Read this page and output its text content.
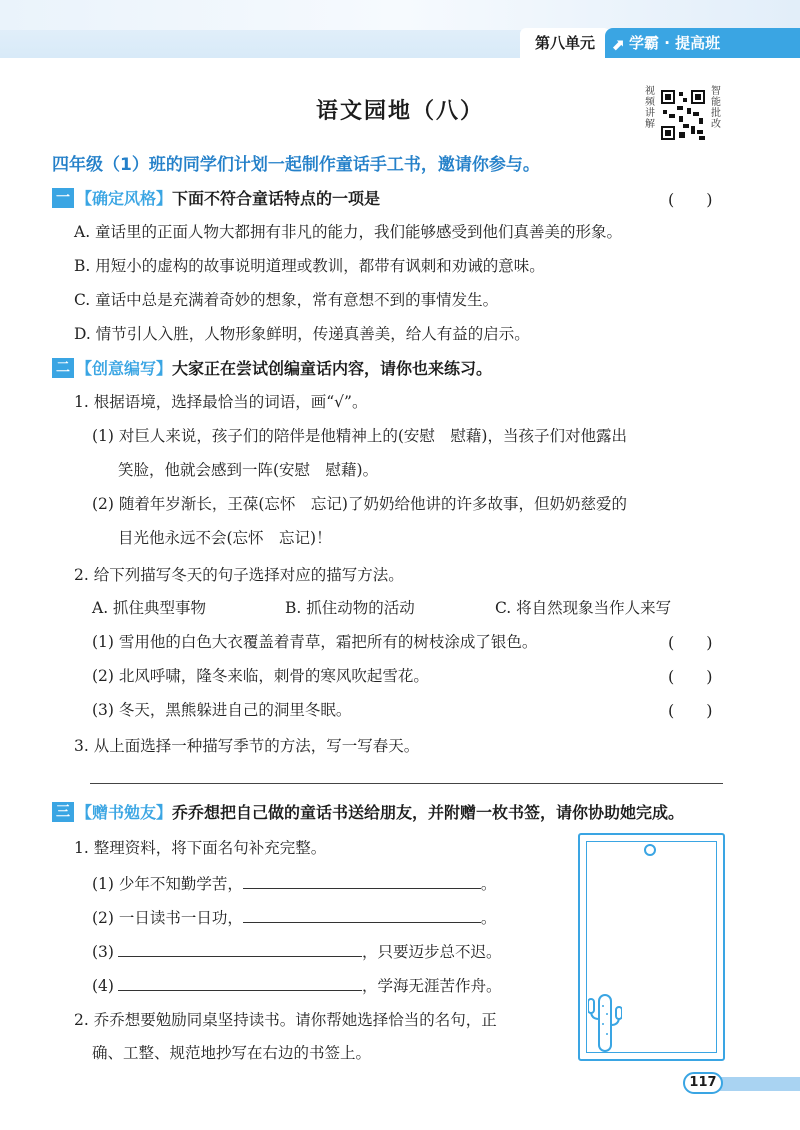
第八单元	⬈ 学霸 · 提高班
语文园地（八）
视频讲解
智能批改
四年级（1）班的同学们计划一起制作童话手工书，邀请你参与。
一 【确定风格】 下面不符合童话特点的一项是	(　　)
A. 童话里的正面人物大都拥有非凡的能力，我们能够感受到他们真善美的形象。
B. 用短小的虚构的故事说明道理或教训，都带有讽刺和劝诫的意味。
C. 童话中总是充满着奇妙的想象，常有意想不到的事情发生。
D. 情节引人入胜，人物形象鲜明，传递真善美，给人有益的启示。
二 【创意编写】 大家正在尝试创编童话内容，请你也来练习。
1. 根据语境，选择最恰当的词语，画“√”。
(1) 对巨人来说，孩子们的陪伴是他精神上的(安慰　慰藉)，当孩子们对他露出
笑脸，他就会感到一阵(安慰　慰藉)。
(2) 随着年岁渐长，王葆(忘怀　忘记)了奶奶给他讲的许多故事，但奶奶慈爱的
目光他永远不会(忘怀　忘记)！
2. 给下列描写冬天的句子选择对应的描写方法。
A. 抓住典型事物	B. 抓住动物的活动	C. 将自然现象当作人来写
(1) 雪用他的白色大衣覆盖着青草，霜把所有的树枝涂成了银色。	(　　)
(2) 北风呼啸，隆冬来临，刺骨的寒风吹起雪花。	(　　)
(3) 冬天，黑熊躲进自己的洞里冬眠。	(　　)
3. 从上面选择一种描写季节的方法，写一写春天。
三 【赠书勉友】 乔乔想把自己做的童话书送给朋友，并附赠一枚书签，请你协助她完成。
1. 整理资料，将下面名句补充完整。
(1) 少年不知勤学苦，	。
(2) 一日读书一日功，	。
(3)	，只要迈步总不迟。
(4)	，学海无涯苦作舟。
2. 乔乔想要勉励同桌坚持读书。请你帮她选择恰当的名句，正
确、工整、规范地抄写在右边的书签上。
117
